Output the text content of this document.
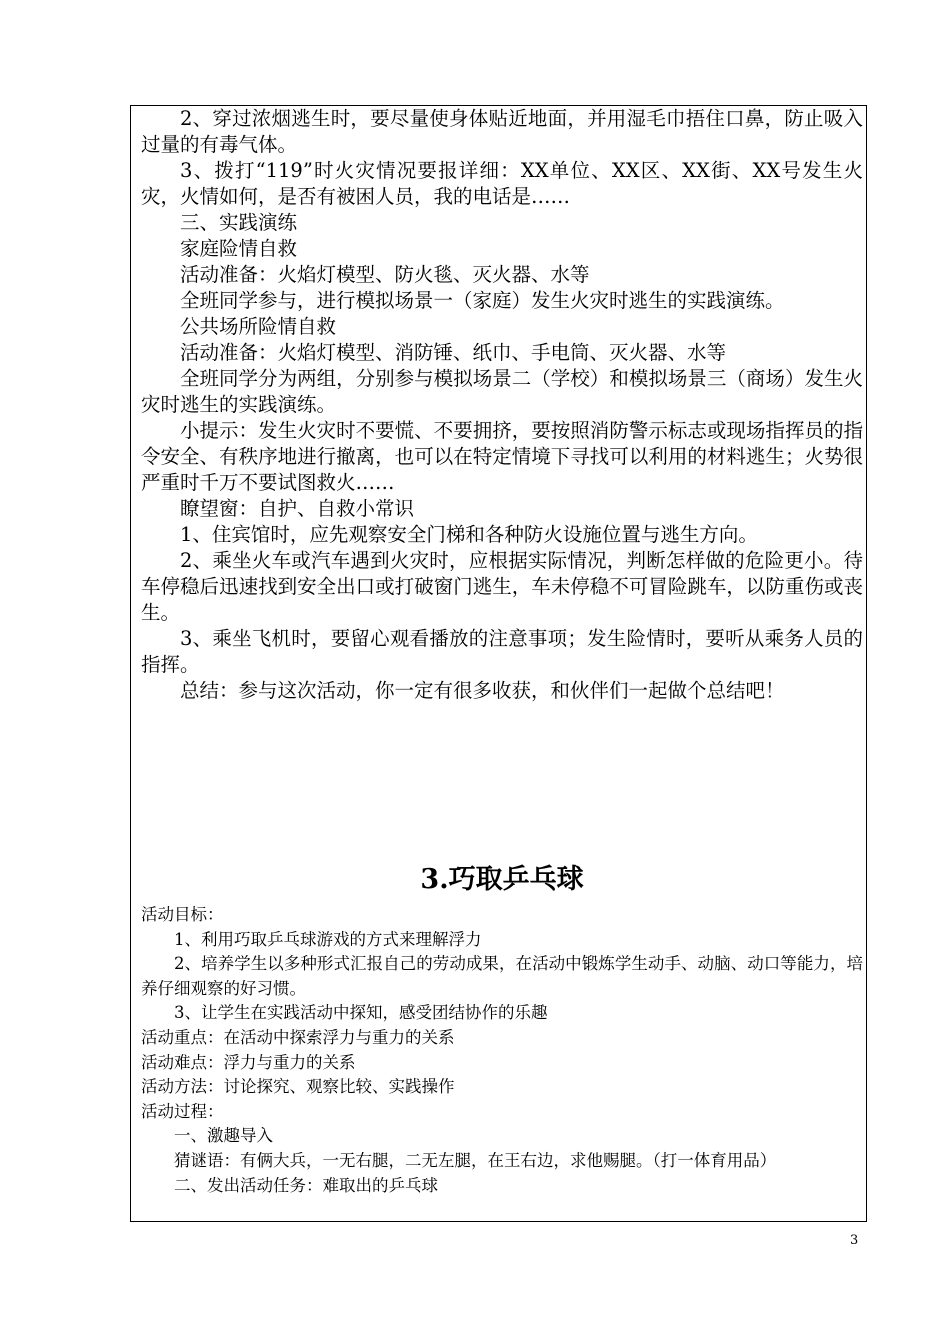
2、穿过浓烟逃生时，要尽量使身体贴近地面，并用湿毛巾捂住口鼻，防止吸入过量的有毒气体。

3、拨打“119”时火灾情况要报详细：XX单位、XX区、XX街、XX号发生火灾，火情如何，是否有被困人员，我的电话是……

三、实践演练

家庭险情自救

活动准备：火焰灯模型、防火毯、灭火器、水等

全班同学参与，进行模拟场景一（家庭）发生火灾时逃生的实践演练。

公共场所险情自救

活动准备：火焰灯模型、消防锤、纸巾、手电筒、灭火器、水等

全班同学分为两组，分别参与模拟场景二（学校）和模拟场景三（商场）发生火灾时逃生的实践演练。

小提示：发生火灾时不要慌、不要拥挤，要按照消防警示标志或现场指挥员的指令安全、有秩序地进行撤离，也可以在特定情境下寻找可以利用的材料逃生；火势很严重时千万不要试图救火……

瞭望窗：自护、自救小常识

1、住宾馆时，应先观察安全门梯和各种防火设施位置与逃生方向。

2、乘坐火车或汽车遇到火灾时，应根据实际情况，判断怎样做的危险更小。待车停稳后迅速找到安全出口或打破窗门逃生，车未停稳不可冒险跳车，以防重伤或丧生。

3、乘坐飞机时，要留心观看播放的注意事项；发生险情时，要听从乘务人员的指挥。

总结：参与这次活动，你一定有很多收获，和伙伴们一起做个总结吧！

3.巧取乒乓球

活动目标：

1、利用巧取乒乓球游戏的方式来理解浮力

2、培养学生以多种形式汇报自己的劳动成果，在活动中锻炼学生动手、动脑、动口等能力，培养仔细观察的好习惯。

3、让学生在实践活动中探知，感受团结协作的乐趣

活动重点：在活动中探索浮力与重力的关系

活动难点：浮力与重力的关系

活动方法：讨论探究、观察比较、实践操作

活动过程：

一、激趣导入

猜谜语：有俩大兵，一无右腿，二无左腿，在王右边，求他赐腿。（打一体育用品）

二、发出活动任务：难取出的乒乓球

3
